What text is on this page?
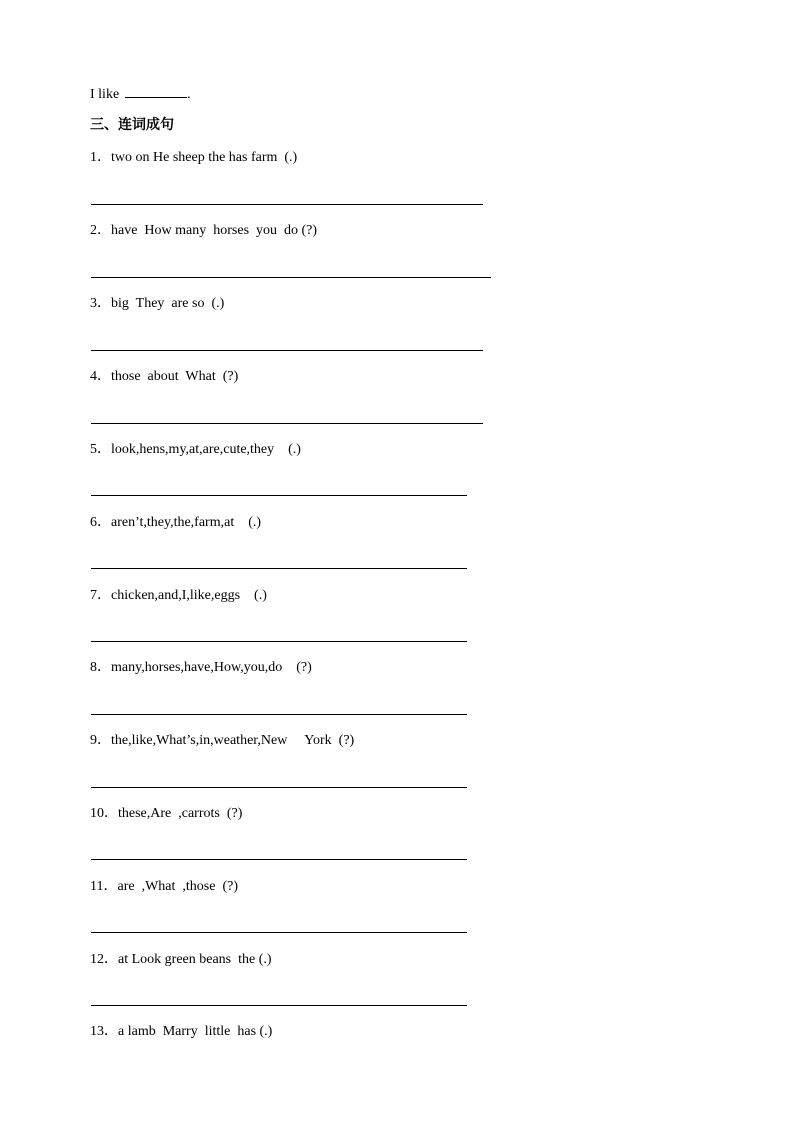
I like	.
三、连词成句
1．two on He sheep the has farm  (.)
2．have  How many  horses  you  do (?)
3．big  They  are so  (.)
4．those  about  What  (?)
5．look,hens,my,at,are,cute,they    (.)
6．aren’t,they,the,farm,at    (.)
7．chicken,and,I,like,eggs    (.)
8．many,horses,have,How,you,do    (?)
9．the,like,What’s,in,weather,New     York  (?)
10．these,Are  ,carrots  (?)
11．are  ,What  ,those  (?)
12．at Look green beans  the (.)
13．a lamb  Marry  little  has (.)
